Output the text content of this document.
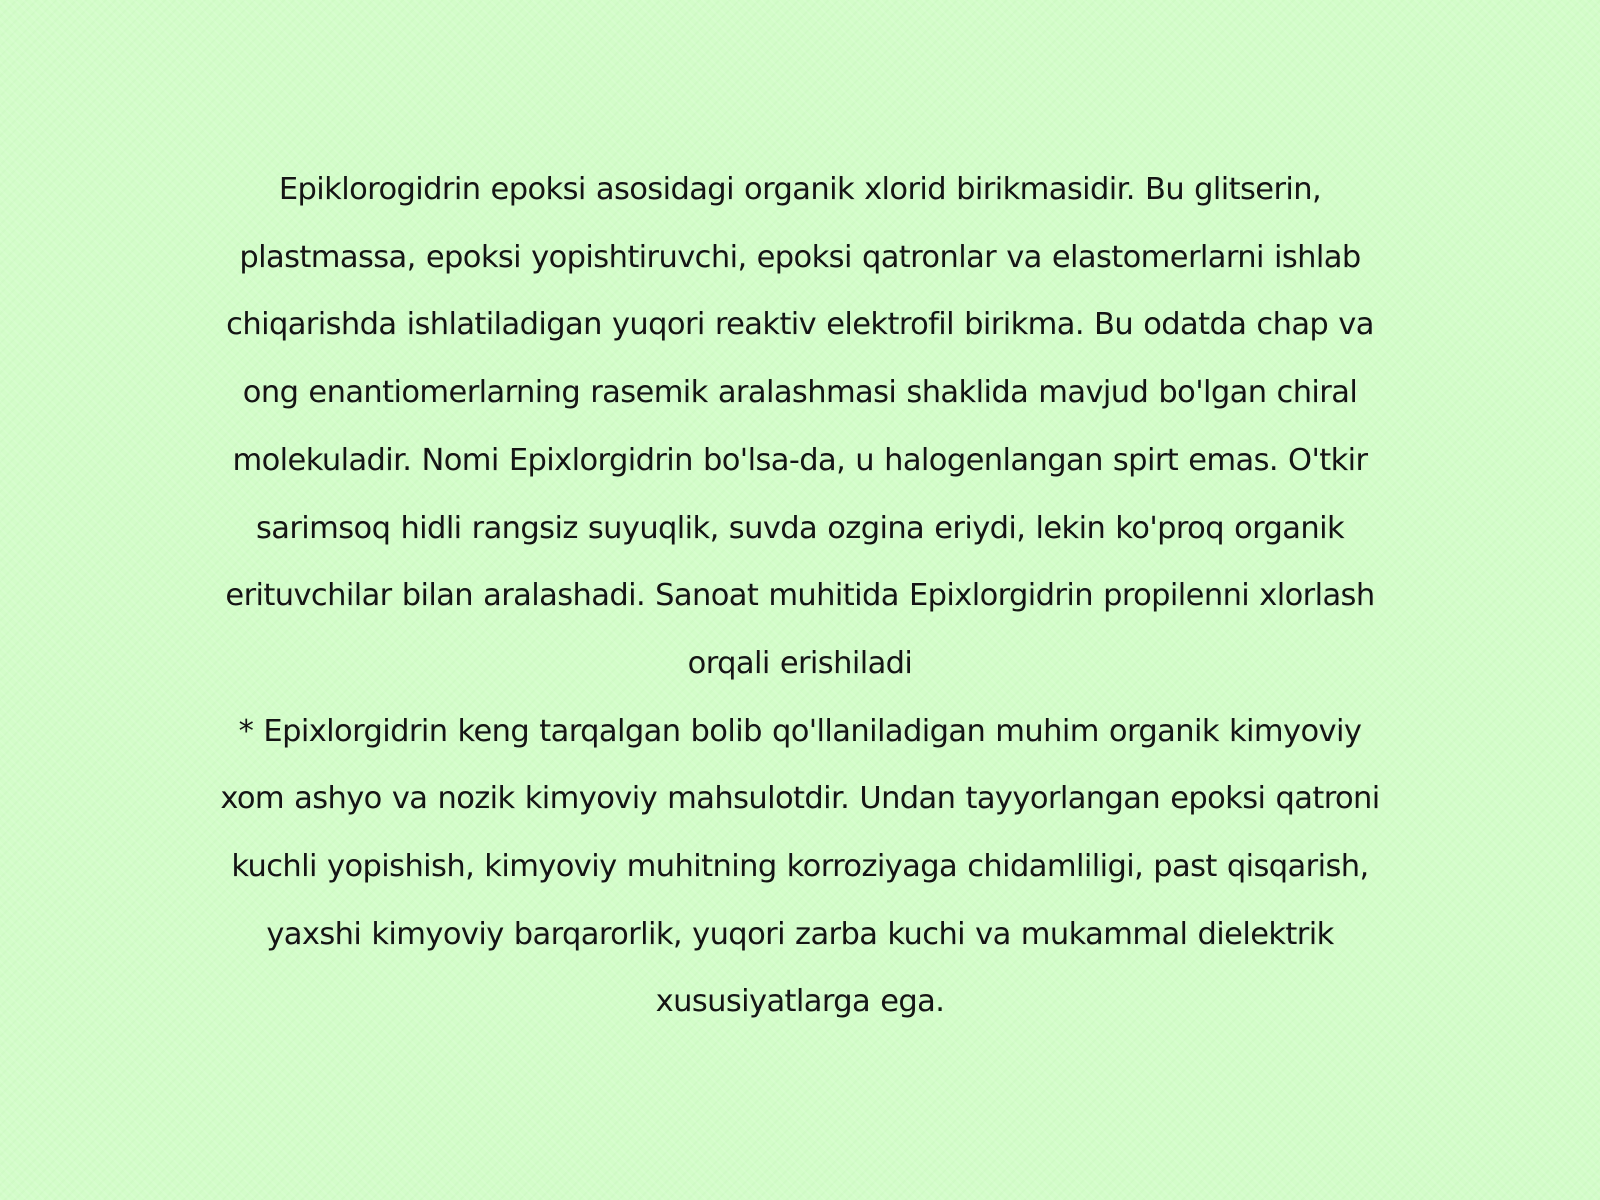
Epiklorogidrin epoksi asosidagi organik xlorid birikmasidir. Bu glitserin, plastmassa, epoksi yopishtiruvchi, epoksi qatronlar va elastomerlarni ishlab chiqarishda ishlatiladigan yuqori reaktiv elektrofil birikma. Bu odatda chap va ong enantiomerlarning rasemik aralashmasi shaklida mavjud bo'lgan chiral molekuladir. Nomi Epixlorgidrin bo'lsa-da, u halogenlangan spirt emas. O'tkir sarimsoq hidli rangsiz suyuqlik, suvda ozgina eriydi, lekin ko'proq organik erituvchilar bilan aralashadi. Sanoat muhitida Epixlorgidrin propilenni xlorlash orqali erishiladi

* Epixlorgidrin keng tarqalgan bolib qo'llaniladigan muhim organik kimyoviy xom ashyo va nozik kimyoviy mahsulotdir. Undan tayyorlangan epoksi qatroni kuchli yopishish, kimyoviy muhitning korroziyaga chidamliligi, past qisqarish, yaxshi kimyoviy barqarorlik, yuqori zarba kuchi va mukammal dielektrik xususiyatlarga ega.
